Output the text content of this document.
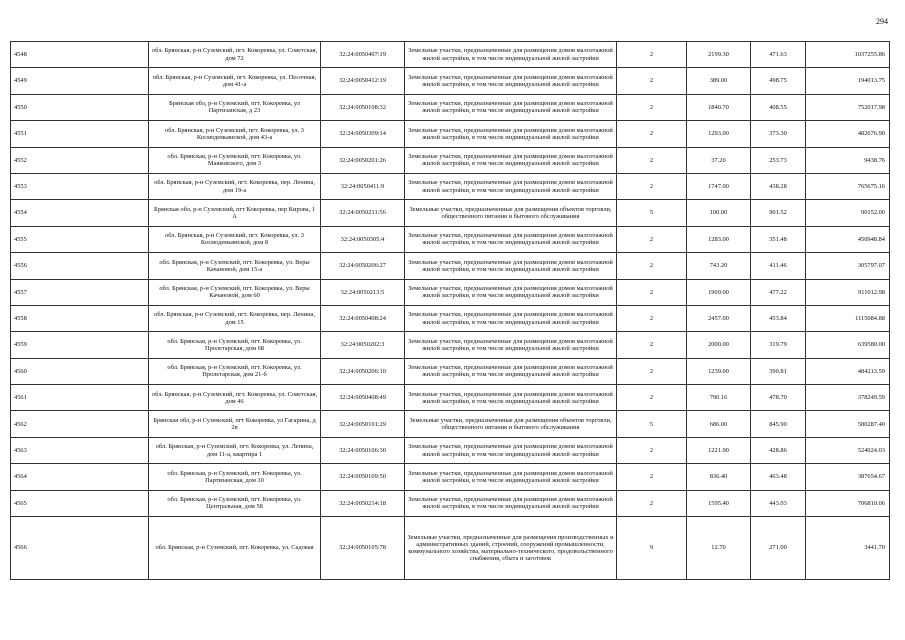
294
4548	обл. Брянская, р-н Суземский, пгт. Кокоревка, ул. Советская, дом 72	32:24:0050407:19	Земельные участки, предназначенные для размещения домов малоэтажной жилой застройки, в том числе индивидуальной жилой застройки	2	2199.30	471.63	1037255.86
4549	обл. Брянская, р-н Суземский, пгт. Кокоревка, ул. Песочная, дом 41-а	32:24:0050412:19	Земельные участки, предназначенные для размещения домов малоэтажной жилой застройки, в том числе индивидуальной жилой застройки	2	389.00	498.75	194013.75
4550	Брянская обл, р-н Суземский, пгт. Кокоревка, ул Партизанская, д 23	32:24:0050108:32	Земельные участки, предназначенные для размещения домов малоэтажной жилой застройки, в том числе индивидуальной жилой застройки	2	1840.70	408.55	752017.98
4551	обл. Брянская, р-н Суземский, пгт. Кокоревка, ул. 3 Космодемьянской, дом 43-а	32:24:0050309:14	Земельные участки, предназначенные для размещения домов малоэтажной жилой застройки, в том числе индивидуальной жилой застройки	2	1293.00	373.30	482676.90
4552	обл. Брянская, р-н Суземский, пгт. Кокоревка, ул. Маяковского, дом 3	32:24:0050201:26	Земельные участки, предназначенные для размещения домов малоэтажной жилой застройки, в том числе индивидуальной жилой застройки	2	37.20	253.73	9438.76
4553	обл. Брянская, р-н Суземский, пгт. Кокоревка, пер. Ленина, дом 19-а	32:24:0050411:9	Земельные участки, предназначенные для размещения домов малоэтажной жилой застройки, в том числе индивидуальной жилой застройки	2	1747.00	438.28	765675.16
4554	Брянская обл, р-н Суземский, пгт Кокоревка, пер Кирова, 1 А	32:24:0050211:56	Земельные участки, предназначенные для размещения объектов торговли, общественного питания и бытового обслуживания	5	100.00	901.52	90152.00
4555	обл. Брянская, р-н Суземский, пгт. Кокоревка, ул. 3 Космодемьянской, дом 8	32:24:0050305:4	Земельные участки, предназначенные для размещения домов малоэтажной жилой застройки, в том числе индивидуальной жилой застройки	2	1283.00	351.48	450948.84
4556	обл. Брянская, р-н Суземский, пгт. Кокоревка, ул. Веры Качановой, дом 15-а	32:24:0050206:27	Земельные участки, предназначенные для размещения домов малоэтажной жилой застройки, в том числе индивидуальной жилой застройки	2	743.20	411.46	305797.07
4557	обл. Брянская, р-н Суземский, пгт. Кокоревка, ул. Веры Качановой, дом 60	32:24:0050213:5	Земельные участки, предназначенные для размещения домов малоэтажной жилой застройки, в том числе индивидуальной жилой застройки	2	1909.00	477.22	911012.98
4558	обл. Брянская, р-н Суземский, пгт. Кокоревка, пер. Ленина, дом 15	32:24:0050408:24	Земельные участки, предназначенные для размещения домов малоэтажной жилой застройки, в том числе индивидуальной жилой застройки	2	2457.00	453.84	1115084.88
4559	обл. Брянская, р-н Суземский, пгт. Кокоревка, ул. Пролетарская, дом 68	32:24:0050202:3	Земельные участки, предназначенные для размещения домов малоэтажной жилой застройки, в том числе индивидуальной жилой застройки	2	2000.00	319.79	639580.00
4560	обл. Брянская, р-н Суземский, пгт. Кокоревка, ул. Пролетарская, дом 21-б	32:24:0050206:10	Земельные участки, предназначенные для размещения домов малоэтажной жилой застройки, в том числе индивидуальной жилой застройки	2	1239.00	390.81	484213.59
4561	обл. Брянская, р-н Суземский, пгт. Кокоревка, ул. Советская, дом 46	32:24:0050408:49	Земельные участки, предназначенные для размещения домов малоэтажной жилой застройки, в том числе индивидуальной жилой застройки	2	790.16	478.70	378249.59
4562	Брянская обл, р-н Суземский, пгт Кокоревка, ул Гагарина, д 2в	32:24:0050101:29	Земельные участки, предназначенные для размещения объектов торговли, общественного питания и бытового обслуживания	5	686.00	845.90	580287.40
4563	обл. Брянская, р-н Суземский, пгт. Кокоревка, ул. Ленина, дом 11-а, квартира 1	32:24:0050106:30	Земельные участки, предназначенные для размещения домов малоэтажной жилой застройки, в том числе индивидуальной жилой застройки	2	1221.90	428.86	524024.03
4564	обл. Брянская, р-н Суземский, пгт. Кокоревка, ул. Партизанская, дом 10	32:24:0050109:50	Земельные участки, предназначенные для размещения домов малоэтажной жилой застройки, в том числе индивидуальной жилой застройки	2	836.40	463.48	387654.67
4565	обл. Брянская, р-н Суземский, пгт. Кокоревка, ул. Центральная, дом 58	32:24:0050214:18	Земельные участки, предназначенные для размещения домов малоэтажной жилой застройки, в том числе индивидуальной жилой застройки	2	1595.40	443.03	706810.06
4566	обл. Брянская, р-н Суземский, пгт. Кокоревка, ул. Садовая	32:24:0050105:78	Земельные участки, предназначенные для размещения производственных и административных зданий, строений, сооружений промышленности, коммунального хозяйства, материально-технического, продовольственного снабжения, сбыта и заготовок	9	12.70	271.00	3441.70
